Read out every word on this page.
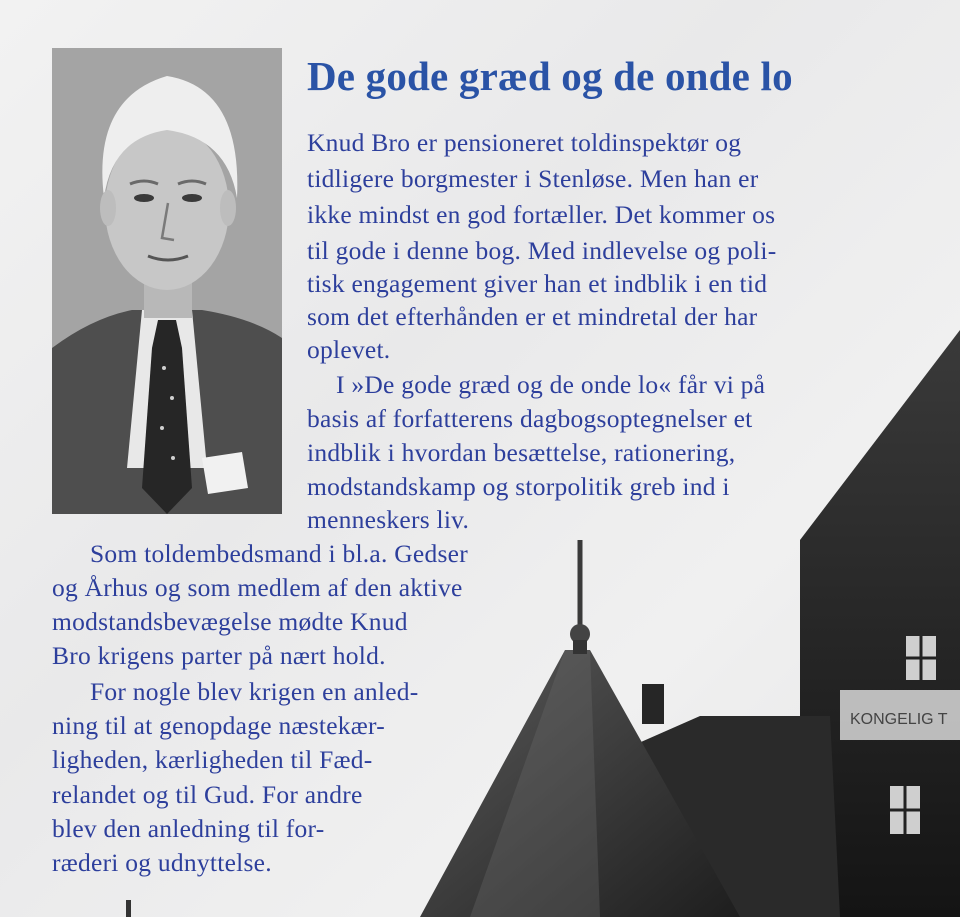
KONGELIG T
De gode græd og de onde lo

Knud Bro er pensioneret toldinspektør og

tidligere borgmester i Stenløse. Men han er

ikke mindst en god fortæller. Det kommer os

til gode i denne bog. Med indlevelse og poli-

tisk engagement giver han et indblik i en tid

som det efterhånden er et mindretal der har

oplevet.

I »De gode græd og de onde lo« får vi på

basis af forfatterens dagbogsoptegnelser et

indblik i hvordan besættelse, rationering,

modstandskamp og storpolitik greb ind i

menneskers liv.

Som toldembedsmand i bl.a. Gedser

og Århus og som medlem af den aktive

modstandsbevægelse mødte Knud

Bro krigens parter på nært hold.

For nogle blev krigen en anled-

ning til at genopdage næstekær-

ligheden, kærligheden til Fæd-

relandet og til Gud. For andre

blev den anledning til for-

ræderi og udnyttelse.
